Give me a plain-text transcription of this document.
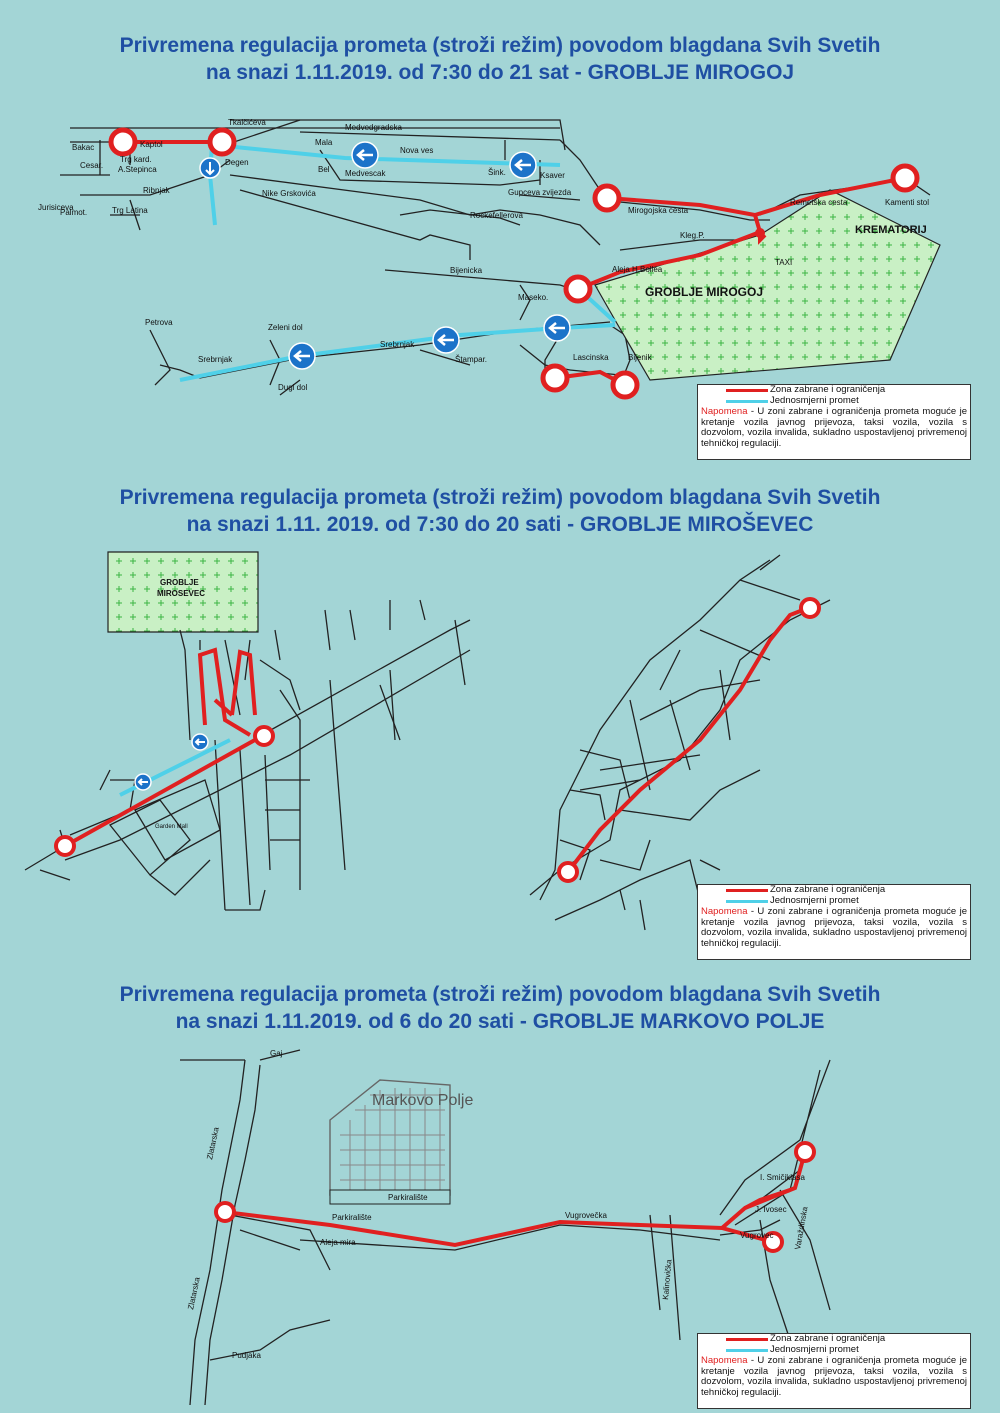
Privremena regulacija prometa (stroži režim) povodom blagdana Svih Svetih
na snazi 1.11.2019. od 7:30 do 21 sat - GROBLJE MIROGOJ
Kaptol
Tkalčićeva
Medvedgradska
Mala
Nova ves
Medvescak
Trg kard.
A.Stepinca
Ribnjak
Palmot.	Trg Latina
Bakac
Cesar.	Degen
Bel
Nike Grskovića
Rockefellerova
Gupceva zvijezda
Šink.	Ksaver
Mirogojska cesta
Remetska cesta	Kamenti stol
Bijenicka	Aleja H.Bollea
Kleg.P.
TAXI
Srebrnjak
Srebrnjak
Dugi dol
Zeleni dol
Petrova
Štampar.
Maseko.
Lascinska Bijenik
Jurisiceva
GROBLJE MIROGOJ
KREMATORIJ
Zona zabrane i ograničenja
Jednosmjerni promet
Napomena - U zoni zabrane i ograničenja prometa moguće je kretanje vozila javnog prijevoza, taksi vozila, vozila s dozvolom, vozila invalida, sukladno uspostavljenoj privremenoj tehničkoj regulaciji.
Privremena regulacija prometa (stroži režim) povodom blagdana Svih Svetih
na snazi 1.11. 2019. od 7:30 do 20 sati - GROBLJE MIROŠEVEC
GROBLJE
MIROSEVEC
Garden Mall
Zona zabrane i ograničenja
Jednosmjerni promet
Napomena - U zoni zabrane i ograničenja prometa moguće je kretanje vozila javnog prijevoza, taksi vozila, vozila s dozvolom, vozila invalida, sukladno uspostavljenoj privremenoj tehničkoj regulaciji.
Privremena regulacija prometa (stroži režim) povodom blagdana Svih Svetih
na snazi 1.11.2019. od 6 do 20 sati - GROBLJE MARKOVO POLJE
Markovo Polje
Gaj
Zlatarska
Zlatarska
Parkiralište
Parkiralište
Aleja mira
Vugrovečka
Vugrovec
Kalinovička
Varaždinska
Pudjaka
I. Smičiklasa
J. Ivosec
Zona zabrane i ograničenja
Jednosmjerni promet
Napomena - U zoni zabrane i ograničenja prometa moguće je kretanje vozila javnog prijevoza, taksi vozila, vozila s dozvolom, vozila invalida, sukladno uspostavljenoj privremenoj tehničkoj regulaciji.
